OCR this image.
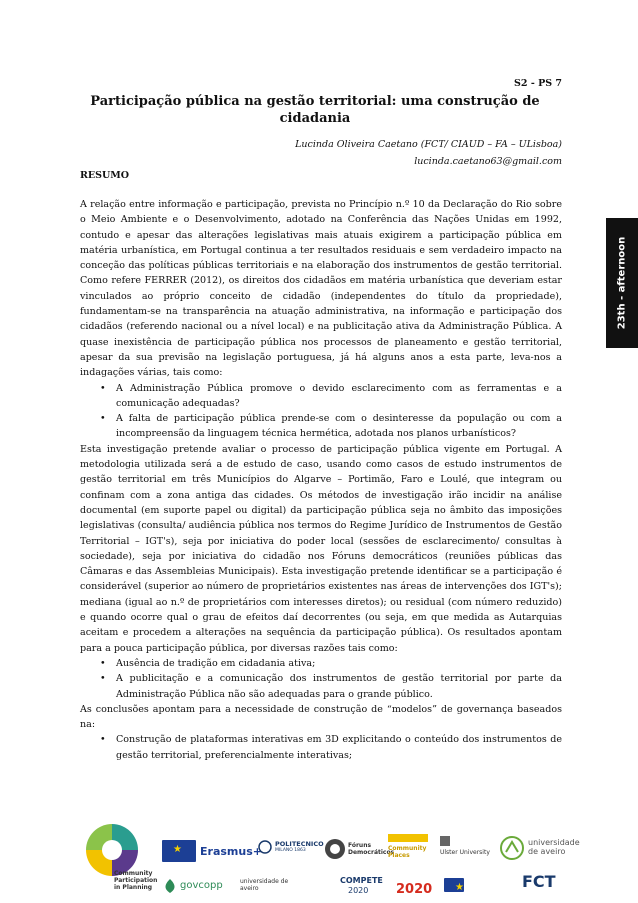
S2 - PS 7
Participação pública na gestão territorial: uma construção de cidadania
Lucinda Oliveira Caetano (FCT/ CIAUD – FA – ULisboa)
lucinda.caetano63@gmail.com
RESUMO

A relação entre informação e participação, prevista no Princípio n.º 10 da Declaração do Rio sobre o Meio Ambiente e o Desenvolvimento, adotado na Conferência das Nações Unidas em 1992, contudo e apesar das alterações legislativas mais atuais exigirem a participação pública em matéria urbanística, em Portugal continua a ter resultados residuais e sem verdadeiro impacto na conceção das políticas públicas territoriais e na elaboração dos instrumentos de gestão territorial. Como refere FERRER (2012), os direitos dos cidadãos em matéria urbanística que deveriam estar vinculados ao próprio conceito de cidadão (independentes do título da propriedade), fundamentam-se na transparência na atuação administrativa, na informação e participação dos cidadãos (referendo nacional ou a nível local) e na publicitação ativa da Administração Pública. A quase inexistência de participação pública nos processos de planeamento e gestão territorial, apesar da sua previsão na legislação portuguesa, já há alguns anos a esta parte, leva-nos a indagações várias, tais como:

• A Administração Pública promove o devido esclarecimento com as ferramentas e a comunicação adequadas?
• A falta de participação pública prende-se com o desinteresse da população ou com a incompreensão da linguagem técnica hermética, adotada nos planos urbanísticos?

Esta investigação pretende avaliar o processo de participação pública vigente em Portugal. A metodologia utilizada será a de estudo de caso, usando como casos de estudo instrumentos de gestão territorial em três Municípios do Algarve – Portimão, Faro e Loulé, que integram ou confinam com a zona antiga das cidades. Os métodos de investigação irão incidir na análise documental (em suporte papel ou digital) da participação pública seja no âmbito das imposições legislativas (consulta/ audiência pública nos termos do Regime Jurídico de Instrumentos de Gestão Territorial – IGT's), seja por iniciativa do poder local (sessões de esclarecimento/ consultas à sociedade), seja por iniciativa do cidadão nos Fóruns democráticos (reuniões públicas das Câmaras e das Assembleias Municipais). Esta investigação pretende identificar se a participação é considerável (superior ao número de proprietários existentes nas áreas de intervenções dos IGT's); mediana (igual ao n.º de proprietários com interesses diretos); ou residual (com número reduzido) e quando ocorre qual o grau de efeitos daí decorrentes (ou seja, em que medida as Autarquias aceitam e procedem a alterações na sequência da participação pública). Os resultados apontam para a pouca participação pública, por diversas razões tais como:

• Ausência de tradição em cidadania ativa;
• A publicitação e a comunicação dos instrumentos de gestão territorial por parte da Administração Pública não são adequadas para o grande público.

As conclusões apontam para a necessidade de construção de “modelos” de governança baseados na:

• Construção de plataformas interativas em 3D explicitando o conteúdo dos instrumentos de gestão territorial, preferencialmente interativas;
23th - afternoon
Community Participation in Planning
★
Erasmus+
POLITECNICO
MILANO 1863
Fóruns Democráticos
Community Places	Ulster University
universidade de aveiro
govcopp	universidade de aveiro
COMPETE
2020 2020
★	FCT
